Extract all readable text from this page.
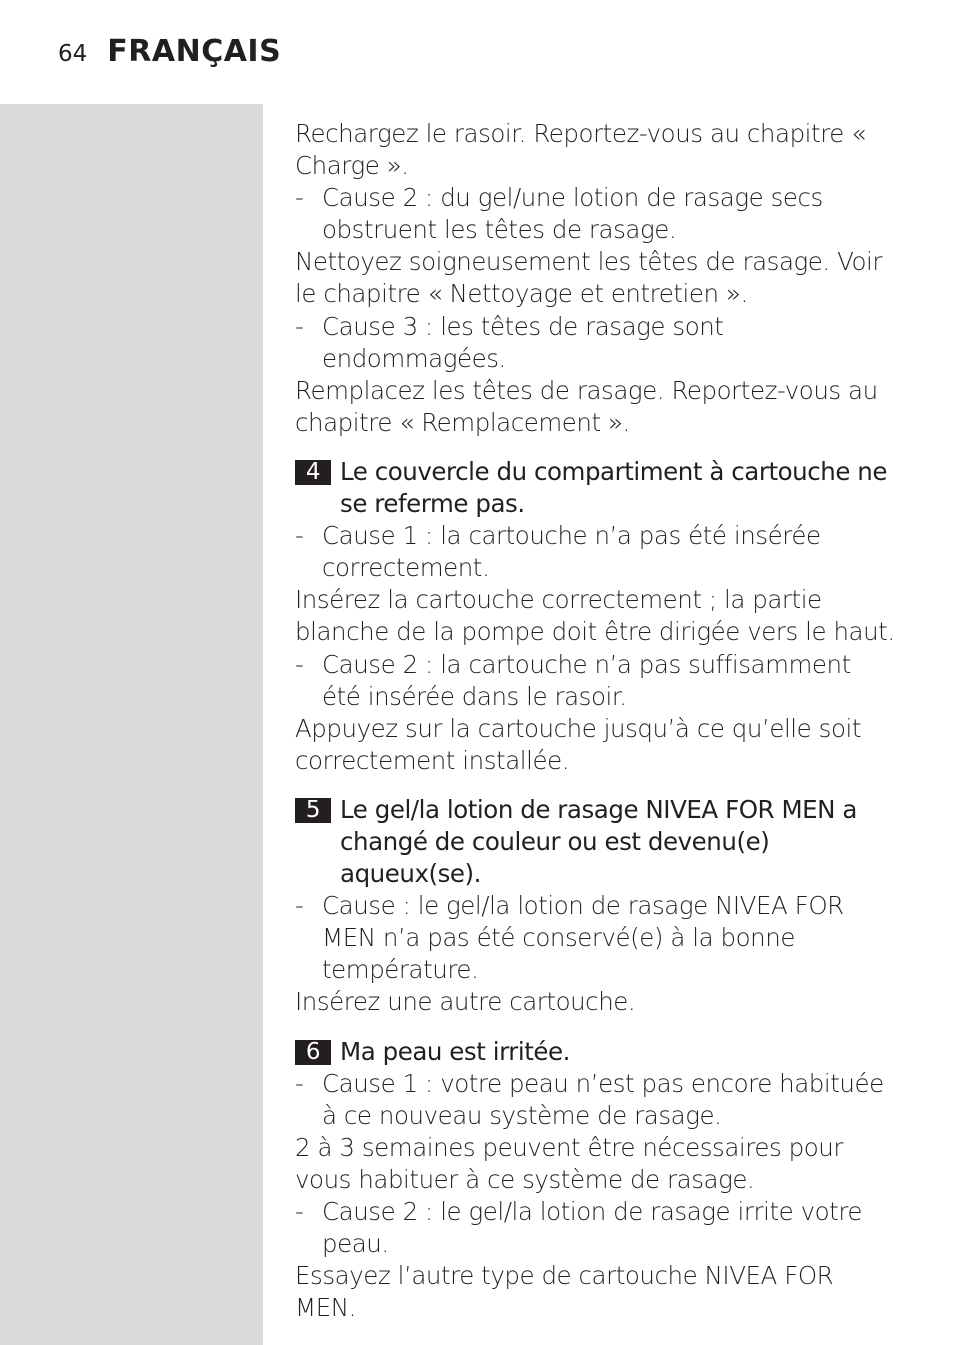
64 FRANÇAIS

Rechargez le rasoir. Reportez-vous au chapitre « Charge ».

- Cause 2 : du gel/une lotion de rasage secs obstruent les têtes de rasage.

Nettoyez soigneusement les têtes de rasage. Voir le chapitre « Nettoyage et entretien ».

- Cause 3 : les têtes de rasage sont endommagées.

Remplacez les têtes de rasage. Reportez-vous au chapitre « Remplacement ».

4 Le couvercle du compartiment à cartouche ne se referme pas.
- Cause 1 : la cartouche n’a pas été insérée correctement.

Insérez la cartouche correctement ; la partie blanche de la pompe doit être dirigée vers le haut.

- Cause 2 : la cartouche n’a pas suffisamment été insérée dans le rasoir.

Appuyez sur la cartouche jusqu’à ce qu’elle soit correctement installée.

5 Le gel/la lotion de rasage NIVEA FOR MEN a changé de couleur ou est devenu(e) aqueux(se).
- Cause : le gel/la lotion de rasage NIVEA FOR MEN n’a pas été conservé(e) à la bonne température.

Insérez une autre cartouche.

6 Ma peau est irritée.
- Cause 1 : votre peau n’est pas encore habituée à ce nouveau système de rasage.

2 à 3 semaines peuvent être nécessaires pour vous habituer à ce système de rasage.

- Cause 2 : le gel/la lotion de rasage irrite votre peau.

Essayez l’autre type de cartouche NIVEA FOR MEN.
